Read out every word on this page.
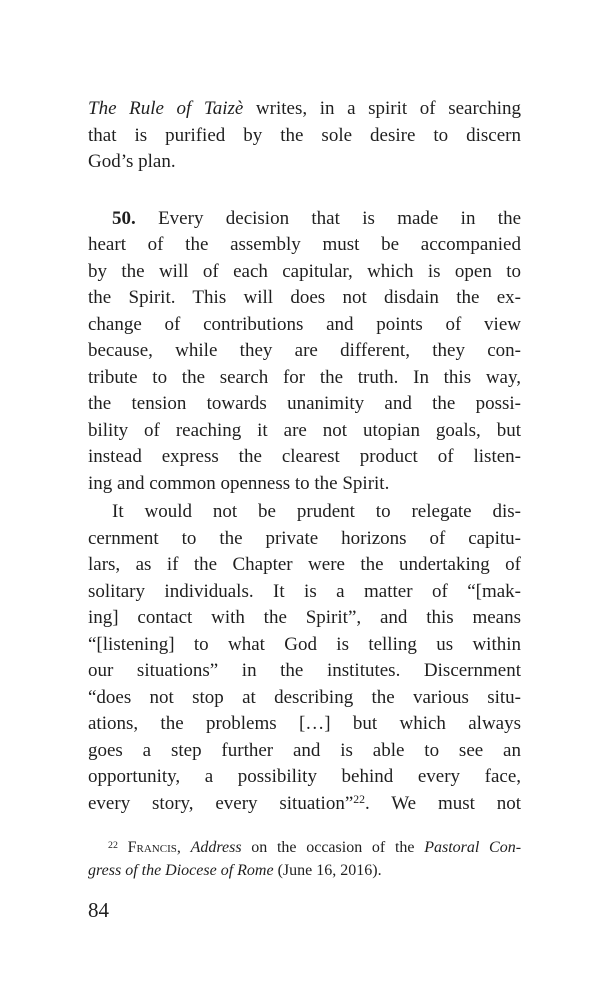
The Rule of Taizè writes, in a spirit of searching
that is purified by the sole desire to discern
God’s plan.
50. Every decision that is made in the
heart of the assembly must be accompanied
by the will of each capitular, which is open to
the Spirit. This will does not disdain the ex-
change of contributions and points of view
because, while they are different, they con-
tribute to the search for the truth. In this way,
the tension towards unanimity and the possi-
bility of reaching it are not utopian goals, but
instead express the clearest product of listen-
ing and common openness to the Spirit.
It would not be prudent to relegate dis-
cernment to the private horizons of capitu-
lars, as if the Chapter were the undertaking of
solitary individuals. It is a matter of “[mak-
ing] contact with the Spirit”, and this means
“[listening] to what God is telling us within
our situations” in the institutes. Discernment
“does not stop at describing the various situ-
ations, the problems […] but which always
goes a step further and is able to see an
opportunity, a possibility behind every face,
every story, every situation”$^{22}$. We must not
$^{22}$ Francis, Address on the occasion of the Pastoral Con-
gress of the Diocese of Rome (June 16, 2016).
84
